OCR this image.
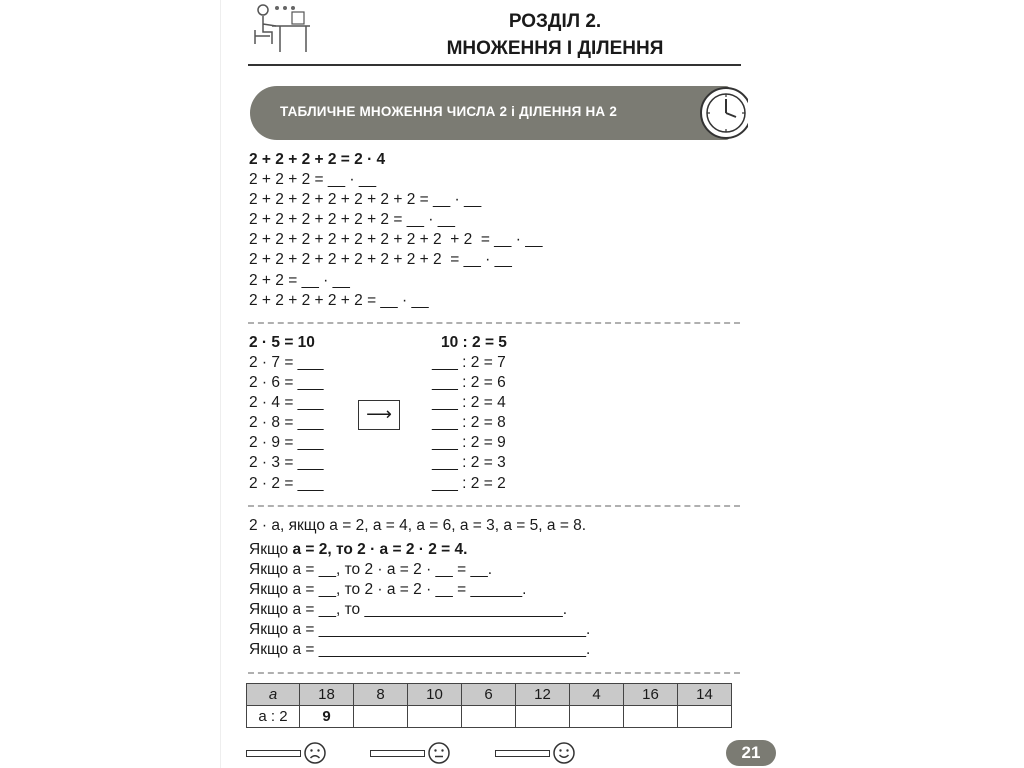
РОЗДІЛ 2.
МНОЖЕННЯ І ДІЛЕННЯ
ТАБЛИЧНЕ МНОЖЕННЯ ЧИСЛА 2 і ДІЛЕННЯ НА 2
2 + 2 + 2 + 2 = 2 · 4
2 + 2 + 2 = __ · __
2 + 2 + 2 + 2 + 2 + 2 + 2 = __ · __
2 + 2 + 2 + 2 + 2 + 2 = __ · __
2 + 2 + 2 + 2 + 2 + 2 + 2 + 2  + 2  = __ · __
2 + 2 + 2 + 2 + 2 + 2 + 2 + 2  = __ · __
2 + 2 = __ · __
2 + 2 + 2 + 2 + 2 = __ · __
2 · 5 = 10
2 · 7 = ___
2 · 6 = ___
2 · 4 = ___
2 · 8 = ___
2 · 9 = ___
2 · 3 = ___
2 · 2 = ___
⟶
10 : 2 = 5
___ : 2 = 7
___ : 2 = 6
___ : 2 = 4
___ : 2 = 8
___ : 2 = 9
___ : 2 = 3
___ : 2 = 2
2 · а, якщо а = 2, а = 4, а = 6, а = 3, а = 5, а = 8.
Якщо а = 2, то 2 · а = 2 · 2 = 4.
Якщо а = __, то 2 · а = 2 · __ = __.
Якщо а = __, то 2 · а = 2 · __ = ______.
Якщо а = __, то _______________________.
Якщо а = _______________________________.
Якщо а = _______________________________.
а	18	8	10	6	12	4	16	14
а : 2	9							
21
